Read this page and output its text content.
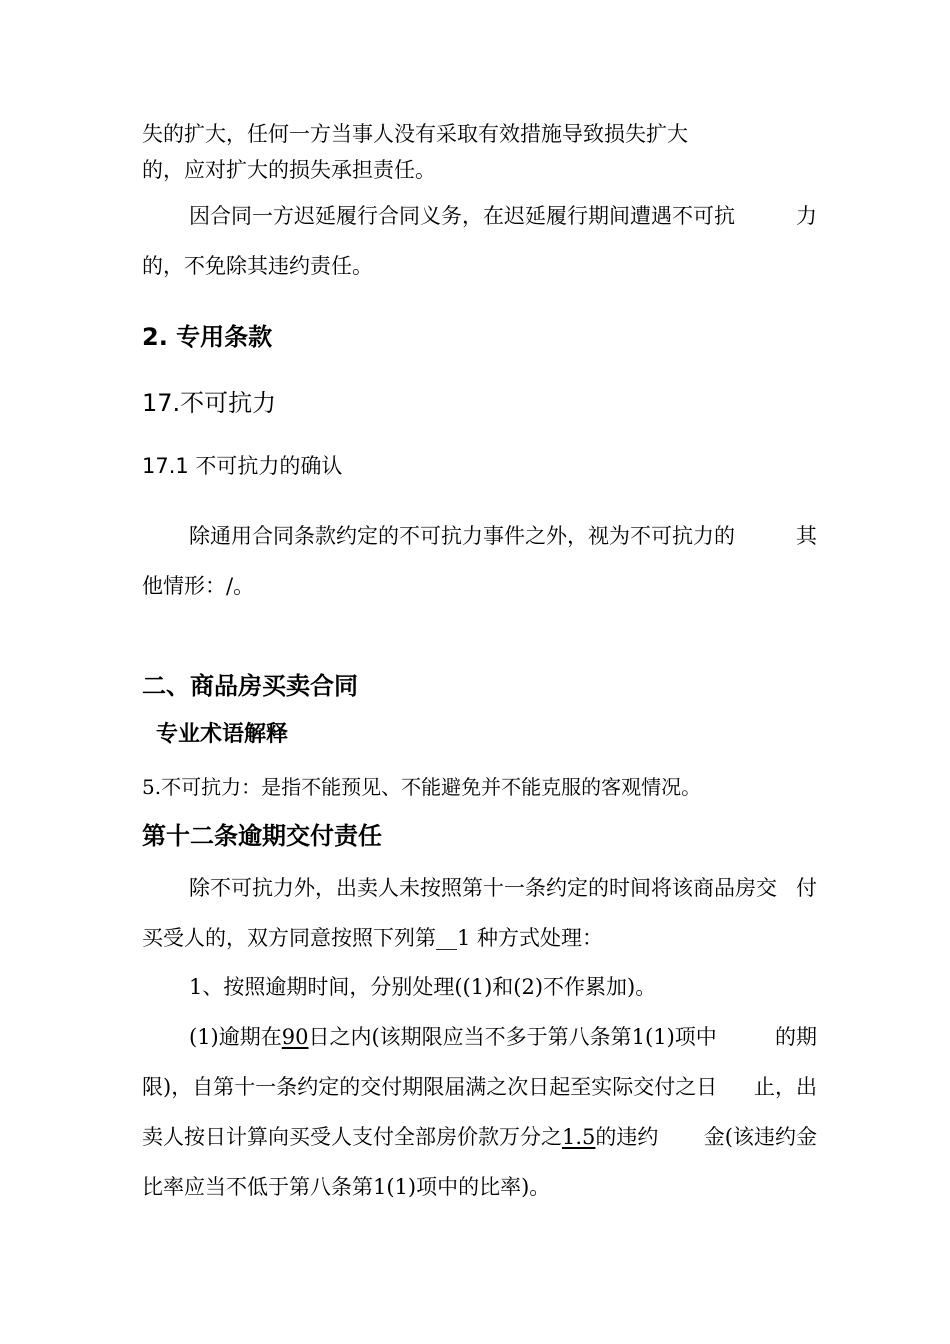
失的扩大，任何一方当事人没有采取有效措施导致损失扩大
的，应对扩大的损失承担责任。
因合同一方迟延履行合同义务，在迟延履行期间遭遇不可抗	力
的，不免除其违约责任。
2. 专用条款
17.不可抗力
17.1 不可抗力的确认
除通用合同条款约定的不可抗力事件之外，视为不可抗力的	其
他情形：/。
二、商品房买卖合同
专业术语解释
5.不可抗力：是指不能预见、不能避免并不能克服的客观情况。
第十二条逾期交付责任
除不可抗力外，出卖人未按照第十一条约定的时间将该商品房交 付
买受人的，双方同意按照下列第__1 种方式处理：
1、按照逾期时间，分别处理((1)和(2)不作累加)。
(1)逾期在90日之内(该期限应当不多于第八条第1(1)项中	的期
限)，自第十一条约定的交付期限届满之次日起至实际交付之日 止，出
卖人按日计算向买受人支付全部房价款万分之1.5的违约 金(该违约金
比率应当不低于第八条第1(1)项中的比率)。
